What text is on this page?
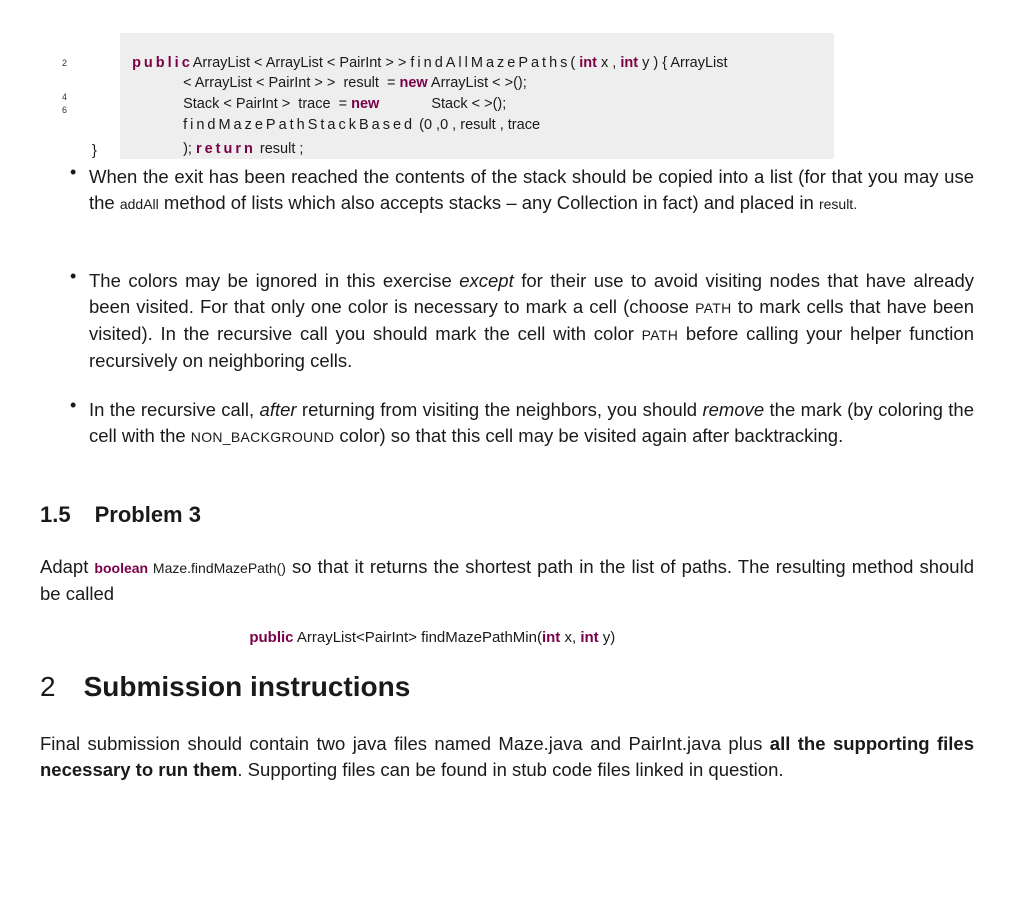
2
4
6

publicArrayList < ArrayList < PairInt > > findAllMazePaths( int x , int y ) { ArrayList

< ArrayList < PairInt > >  result  = new ArrayList < >();

Stack < PairInt >  trace  = new	Stack < >();

findMazePathStackBased (0 ,0 , result , trace

); return result ;

}
• When the exit has been reached the contents of the stack should be copied into a list (for that you may use the addAll method of lists which also accepts stacks – any Collection in fact) and placed in result.
• The colors may be ignored in this exercise except for their use to avoid visiting nodes that have already been visited. For that only one color is necessary to mark a cell (choose PATH to mark cells that have been visited). In the recursive call you should mark the cell with color PATH before calling your helper function recursively on neighboring cells.
• In the recursive call, after returning from visiting the neighbors, you should remove the mark (by coloring the cell with the NON_BACKGROUND color) so that this cell may be visited again after backtracking.
1.5 Problem 3
Adapt boolean Maze.findMazePath() so that it returns the shortest path in the list of paths. The resulting method should be called

public ArrayList<PairInt> findMazePathMin(int x, int y)

2 Submission instructions
Final submission should contain two java files named Maze.java and PairInt.java plus all the supporting files necessary to run them. Supporting files can be found in stub code files linked in question.
